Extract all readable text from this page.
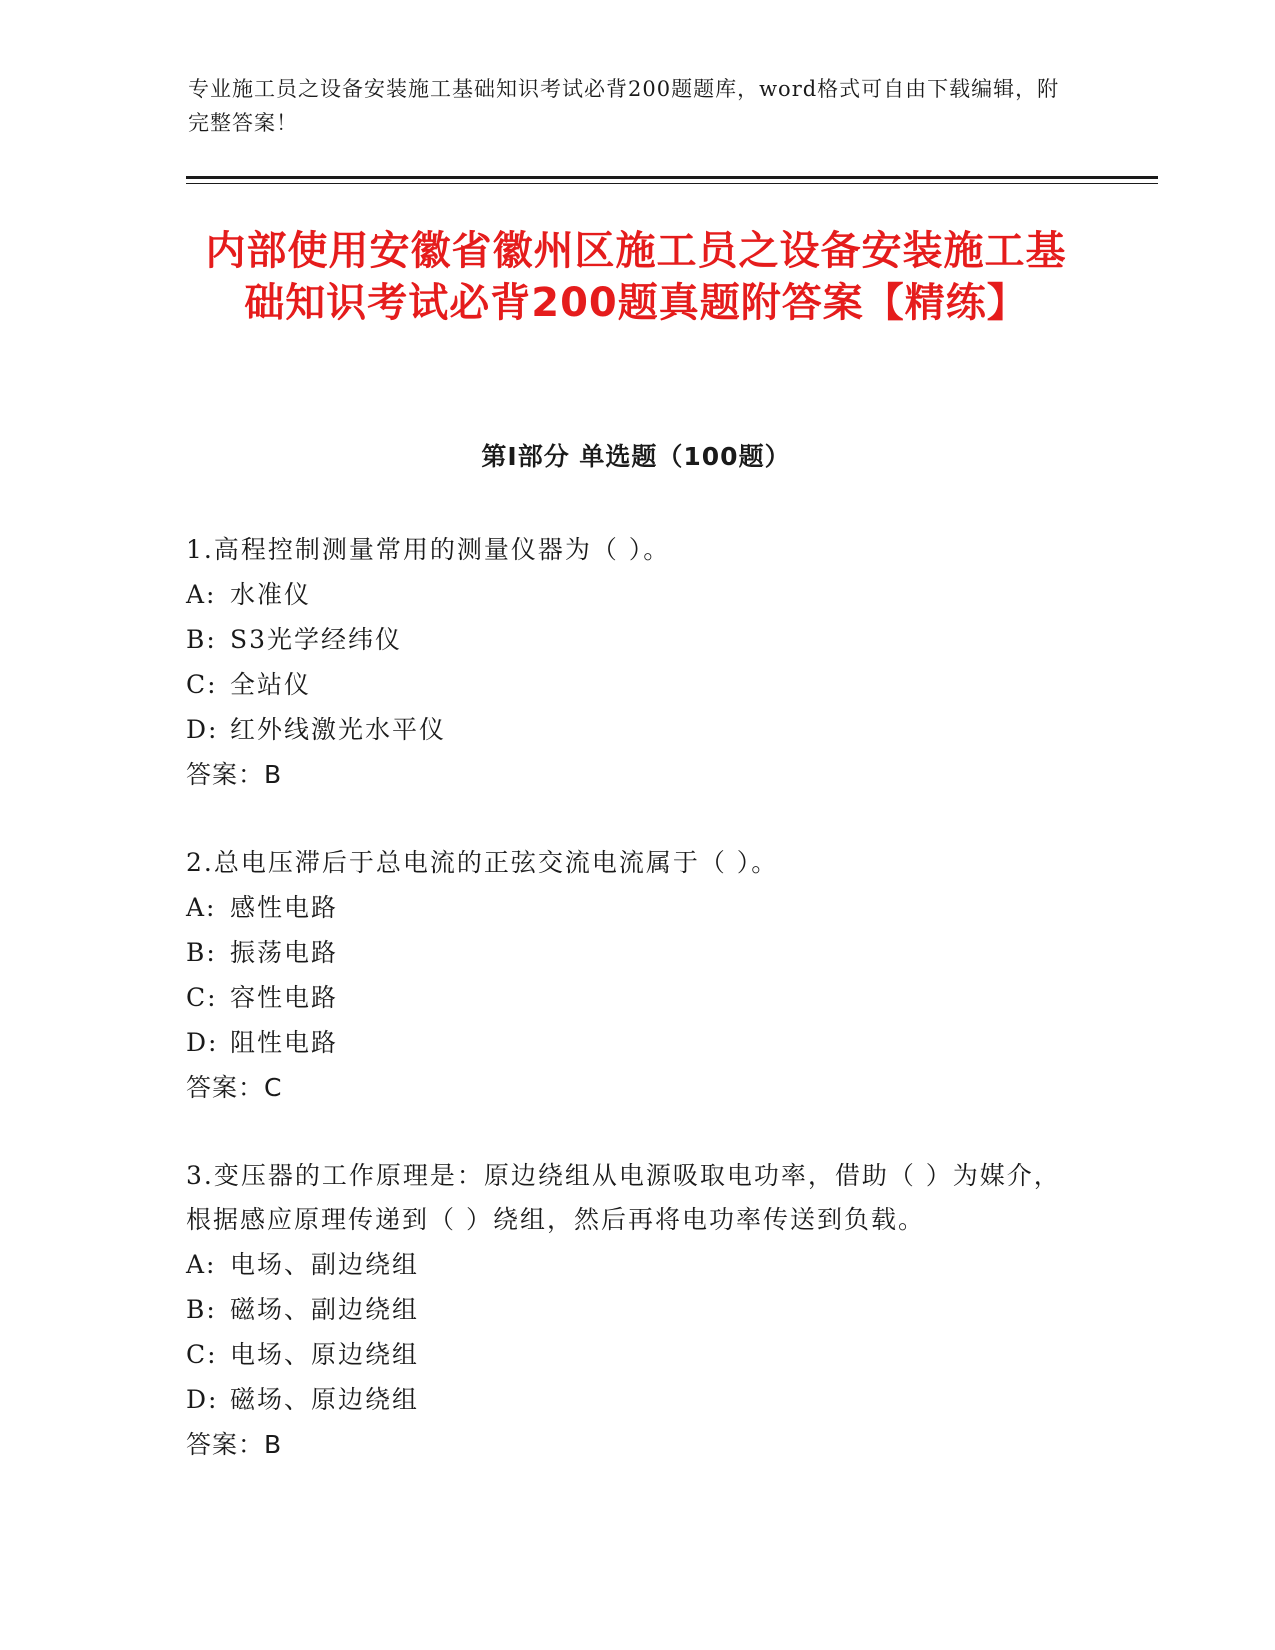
专业施工员之设备安装施工基础知识考试必背200题题库，word格式可自由下载编辑，附完整答案！
内部使用安徽省徽州区施工员之设备安装施工基础知识考试必背200题真题附答案【精练】
第Ⅰ部分 单选题（100题）

1.高程控制测量常用的测量仪器为（ ）。

A: 水准仪

B: S3光学经纬仪

C: 全站仪

D: 红外线激光水平仪

答案：B

2.总电压滞后于总电流的正弦交流电流属于（ ）。

A: 感性电路

B: 振荡电路

C: 容性电路

D: 阻性电路

答案：C

3.变压器的工作原理是：原边绕组从电源吸取电功率，借助（ ）为媒介，根据感应原理传递到（ ）绕组，然后再将电功率传送到负载。

A: 电场、副边绕组

B: 磁场、副边绕组

C: 电场、原边绕组

D: 磁场、原边绕组

答案：B
